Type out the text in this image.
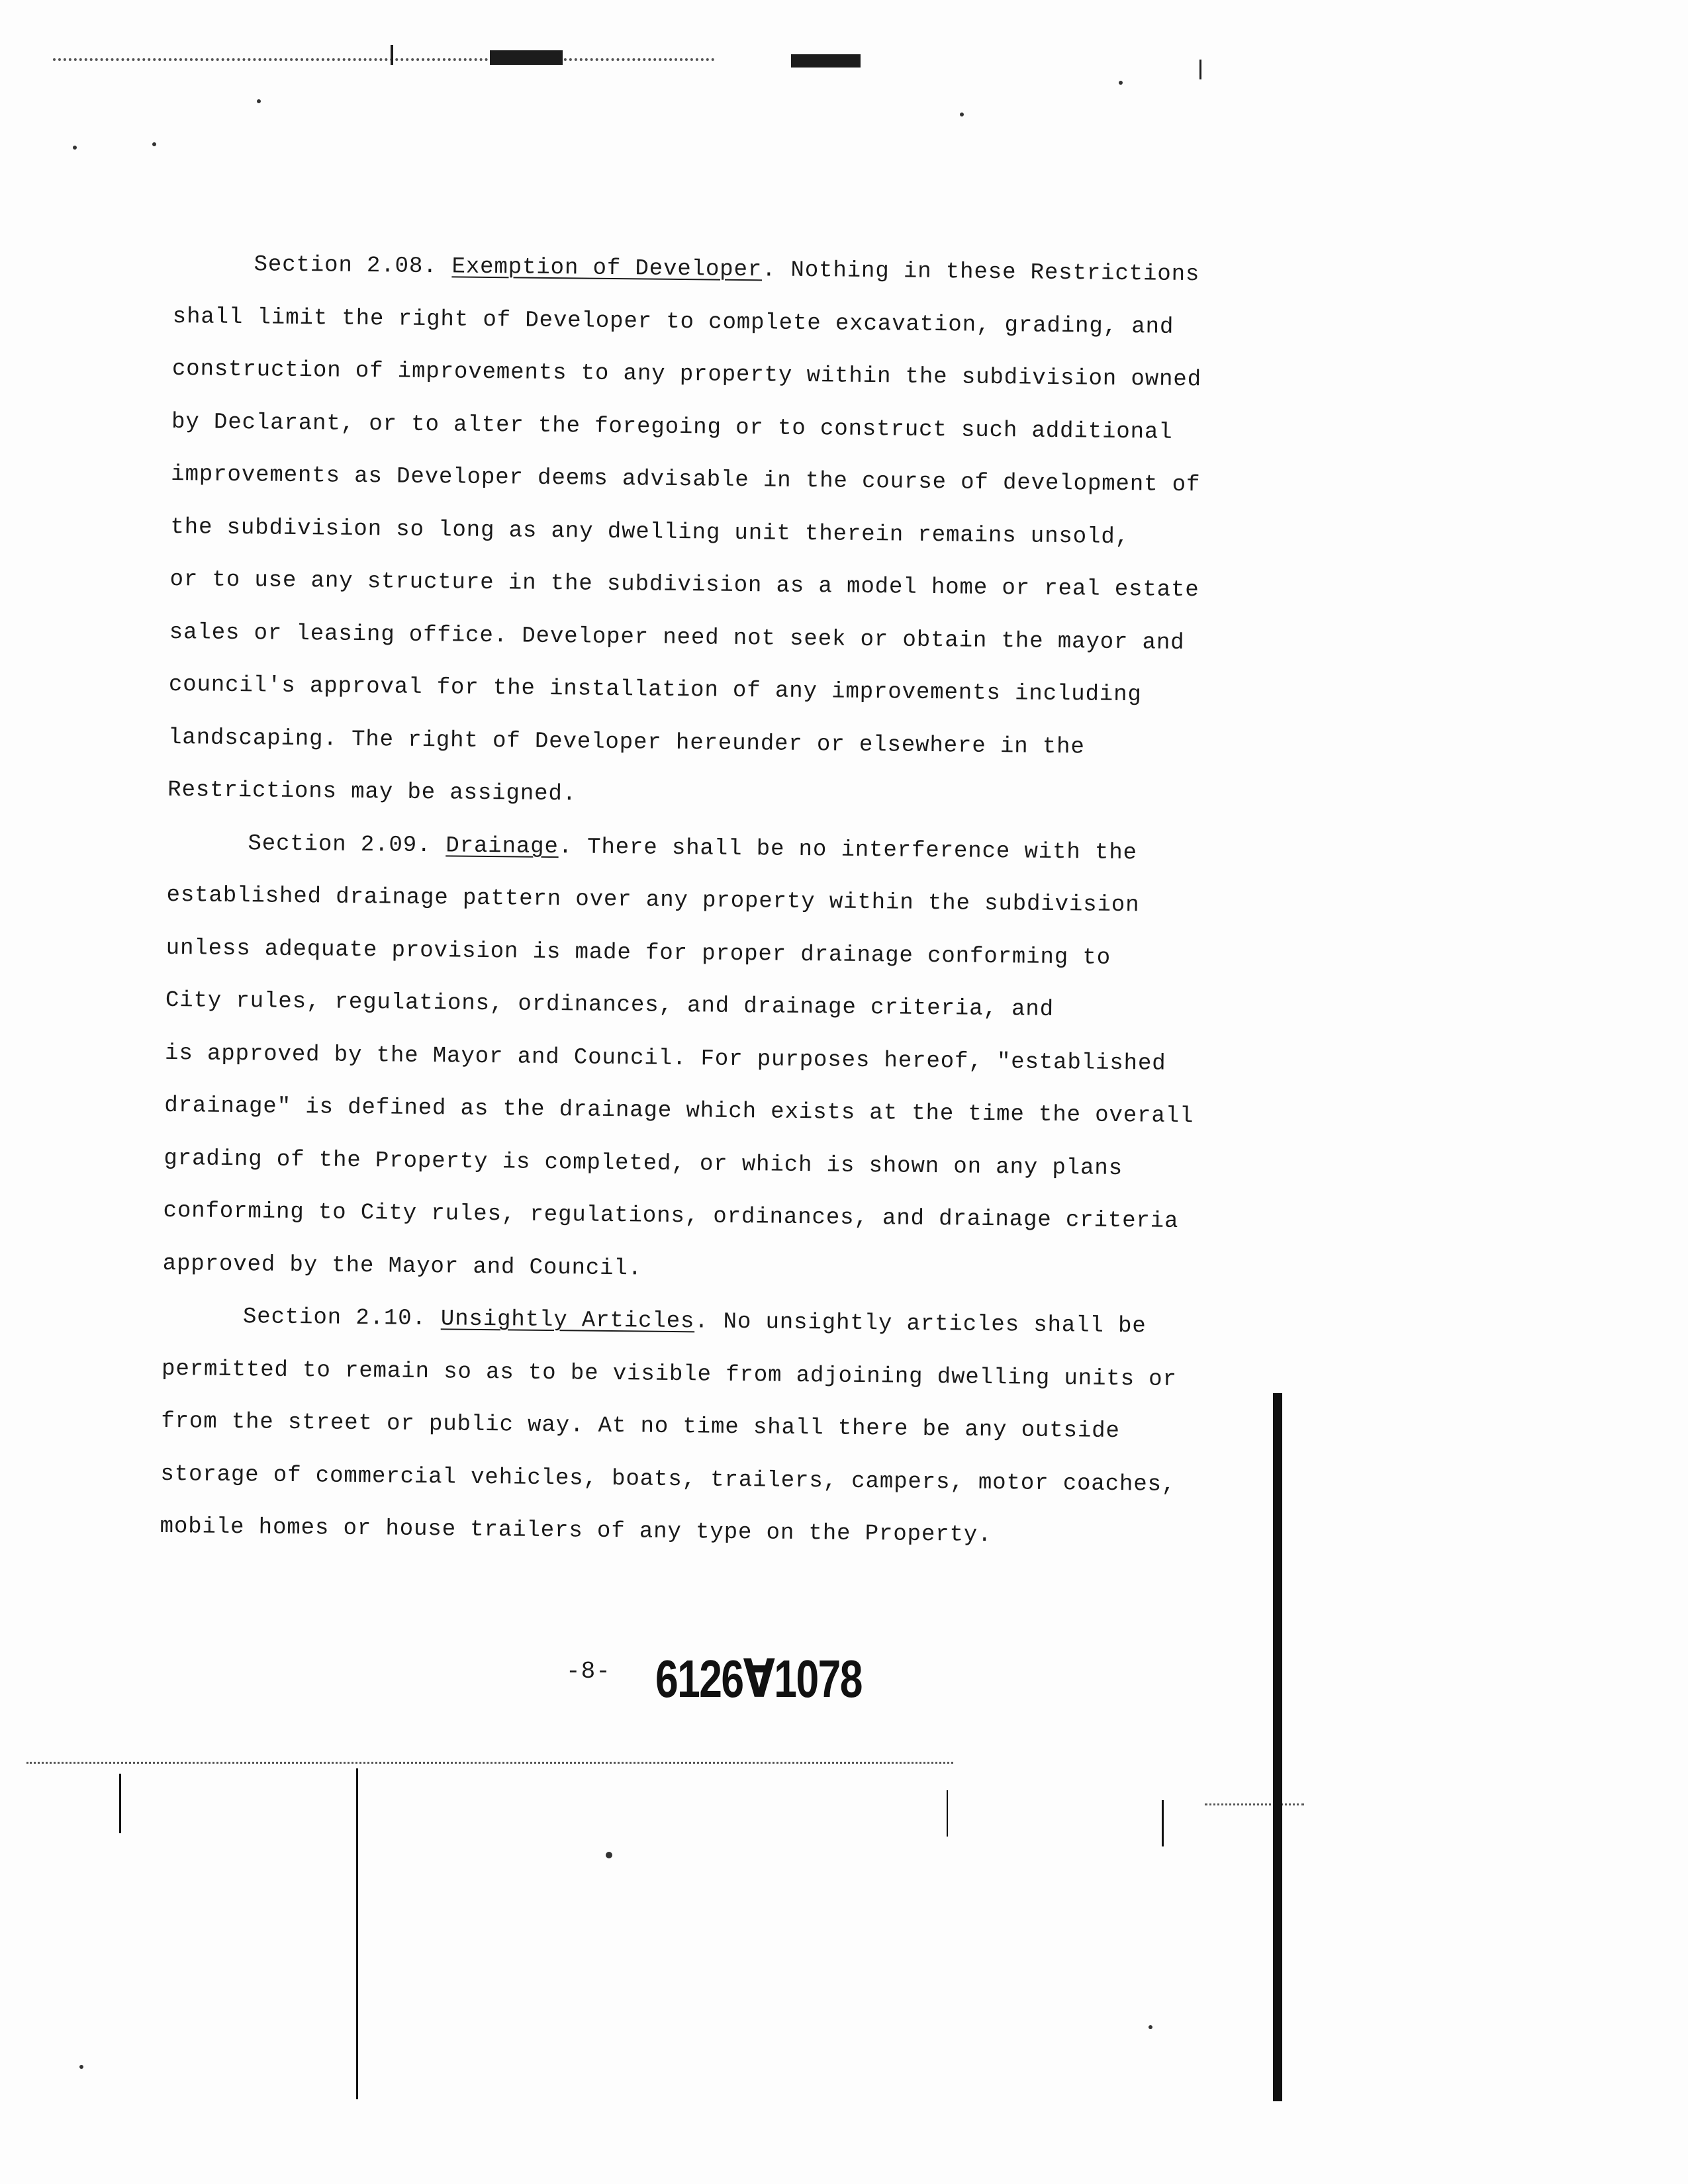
Section 2.08. Exemption of Developer. Nothing in these Restrictions
shall limit the right of Developer to complete excavation, grading, and
construction of improvements to any property within the subdivision owned
by Declarant, or to alter the foregoing or to construct such additional
improvements as Developer deems advisable in the course of development of
the subdivision so long as any dwelling unit therein remains unsold,
or to use any structure in the subdivision as a model home or real estate
sales or leasing office. Developer need not seek or obtain the mayor and
council's approval for the installation of any improvements including
landscaping. The right of Developer hereunder or elsewhere in the
Restrictions may be assigned.

Section 2.09. Drainage. There shall be no interference with the
established drainage pattern over any property within the subdivision
unless adequate provision is made for proper drainage conforming to
City rules, regulations, ordinances, and drainage criteria, and
is approved by the Mayor and Council. For purposes hereof, "established
drainage" is defined as the drainage which exists at the time the overall
grading of the Property is completed, or which is shown on any plans
conforming to City rules, regulations, ordinances, and drainage criteria
approved by the Mayor and Council.

Section 2.10. Unsightly Articles. No unsightly articles shall be
permitted to remain so as to be visible from adjoining dwelling units or
from the street or public way. At no time shall there be any outside
storage of commercial vehicles, boats, trailers, campers, motor coaches,
mobile homes or house trailers of any type on the Property.

-8- 6126∀1078
